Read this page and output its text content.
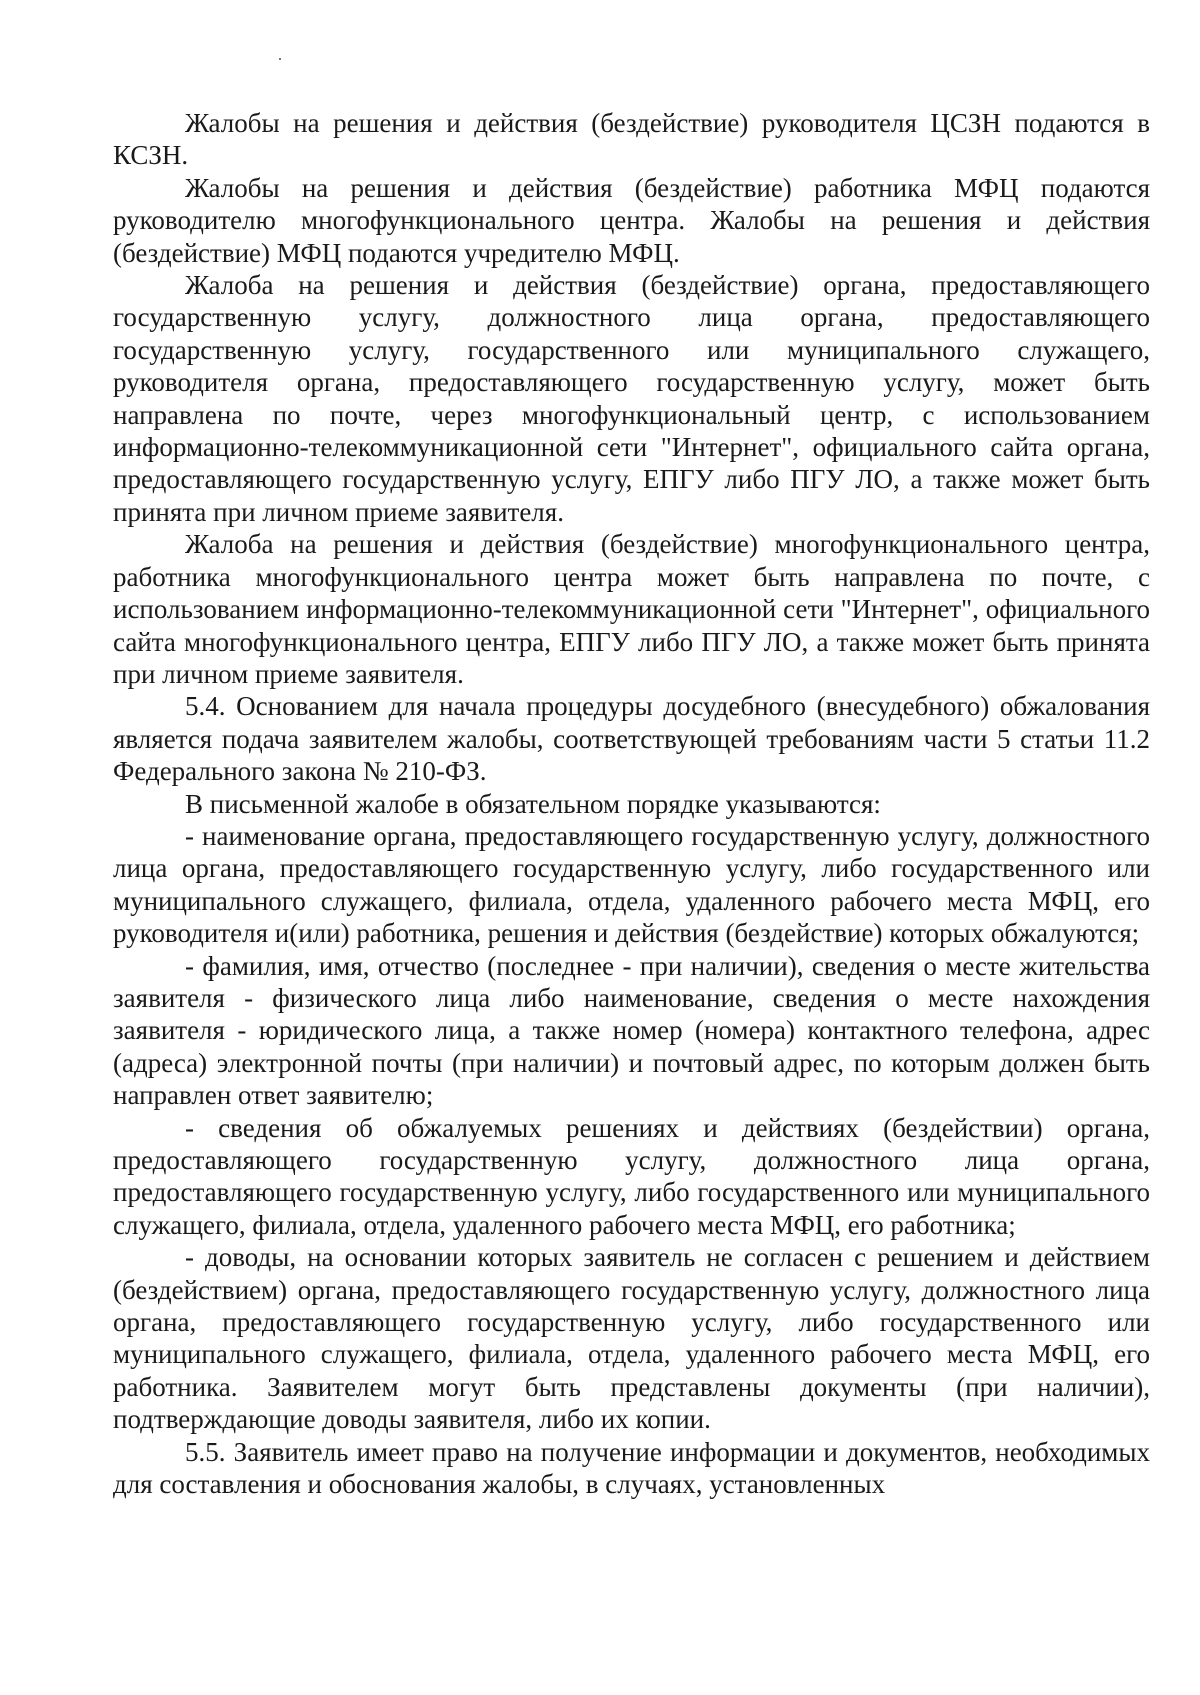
Жалобы на решения и действия (бездействие) руководителя ЦСЗН подаются в КСЗН.

Жалобы на решения и действия (бездействие) работника МФЦ подаются руководителю многофункционального центра. Жалобы на решения и действия (бездействие) МФЦ подаются учредителю МФЦ.

Жалоба на решения и действия (бездействие) органа, предоставляющего государственную услугу, должностного лица органа, предоставляющего государственную услугу, государственного или муниципального служащего, руководителя органа, предоставляющего государственную услугу, может быть направлена по почте, через многофункциональный центр, с использованием информационно-телекоммуникационной сети "Интернет", официального сайта органа, предоставляющего государственную услугу, ЕПГУ либо ПГУ ЛО, а также может быть принята при личном приеме заявителя.

Жалоба на решения и действия (бездействие) многофункционального центра, работника многофункционального центра может быть направлена по почте, с использованием информационно-телекоммуникационной сети "Интернет", официального сайта многофункционального центра, ЕПГУ либо ПГУ ЛО, а также может быть принята при личном приеме заявителя.

5.4. Основанием для начала процедуры досудебного (внесудебного) обжалования является подача заявителем жалобы, соответствующей требованиям части 5 статьи 11.2 Федерального закона № 210-ФЗ.

В письменной жалобе в обязательном порядке указываются:

- наименование органа, предоставляющего государственную услугу, должностного лица органа, предоставляющего государственную услугу, либо государственного или муниципального служащего, филиала, отдела, удаленного рабочего места МФЦ, его руководителя и(или) работника, решения и действия (бездействие) которых обжалуются;

- фамилия, имя, отчество (последнее - при наличии), сведения о месте жительства заявителя - физического лица либо наименование, сведения о месте нахождения заявителя - юридического лица, а также номер (номера) контактного телефона, адрес (адреса) электронной почты (при наличии) и почтовый адрес, по которым должен быть направлен ответ заявителю;

- сведения об обжалуемых решениях и действиях (бездействии) органа, предоставляющего государственную услугу, должностного лица органа, предоставляющего государственную услугу, либо государственного или муниципального служащего, филиала, отдела, удаленного рабочего места МФЦ, его работника;

- доводы, на основании которых заявитель не согласен с решением и действием (бездействием) органа, предоставляющего государственную услугу, должностного лица органа, предоставляющего государственную услугу, либо государственного или муниципального служащего, филиала, отдела, удаленного рабочего места МФЦ, его работника. Заявителем могут быть представлены документы (при наличии), подтверждающие доводы заявителя, либо их копии.

5.5. Заявитель имеет право на получение информации и документов, необходимых для составления и обоснования жалобы, в случаях, установленных
